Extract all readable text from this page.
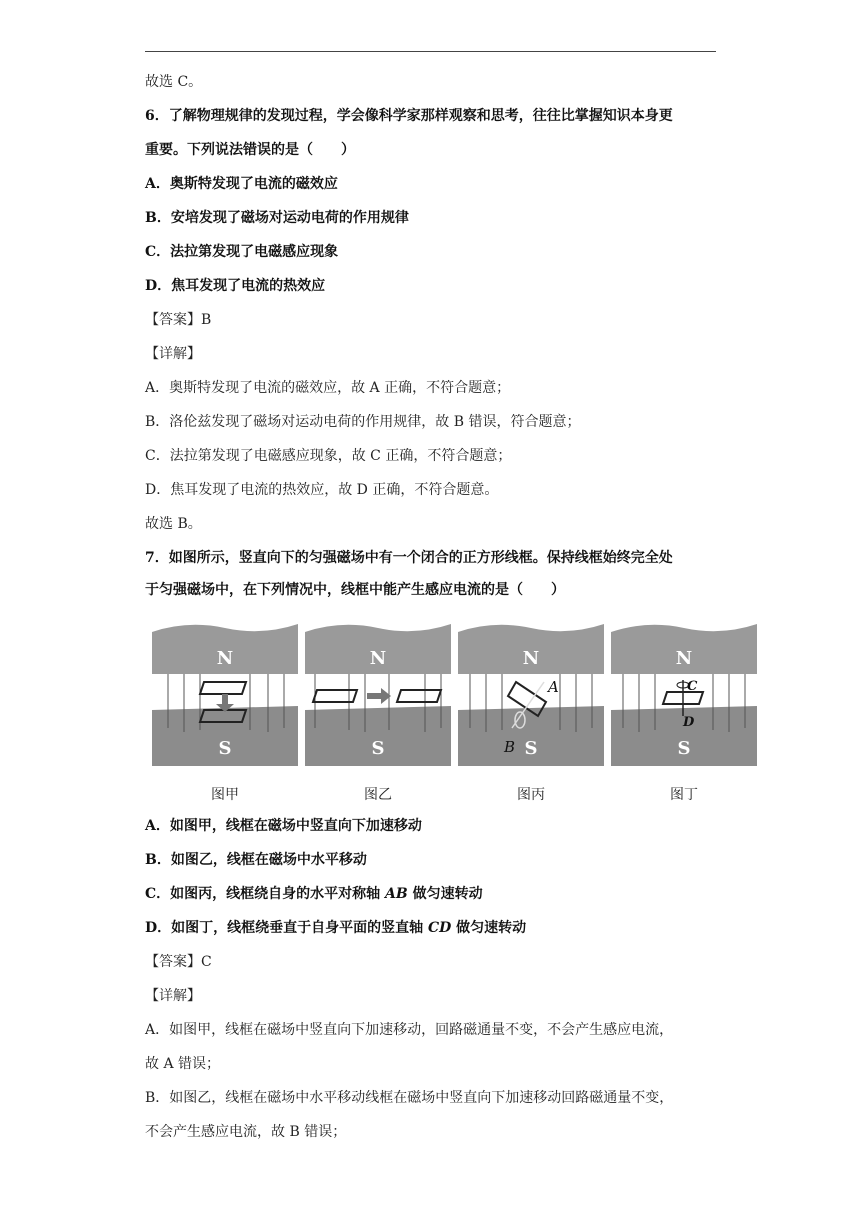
故选 C。
6．了解物理规律的发现过程，学会像科学家那样观察和思考，往往比掌握知识本身更
重要。下列说法错误的是（　　）
A．奥斯特发现了电流的磁效应
B．安培发现了磁场对运动电荷的作用规律
C．法拉第发现了电磁感应现象
D．焦耳发现了电流的热效应
【答案】B
【详解】
A．奥斯特发现了电流的磁效应，故 A 正确，不符合题意；
B．洛伦兹发现了磁场对运动电荷的作用规律，故 B 错误，符合题意；
C．法拉第发现了电磁感应现象，故 C 正确，不符合题意；
D．焦耳发现了电流的热效应，故 D 正确，不符合题意。
故选 B。
7．如图所示，竖直向下的匀强磁场中有一个闭合的正方形线框。保持线框始终完全处
于匀强磁场中，在下列情况中，线框中能产生感应电流的是（　　）
N
S
图甲
N
S
图乙
A
B
N
S
图丙
C
D
N
S
图丁
A．如图甲，线框在磁场中竖直向下加速移动
B．如图乙，线框在磁场中水平移动
C．如图丙，线框绕自身的水平对称轴 AB 做匀速转动
D．如图丁，线框绕垂直于自身平面的竖直轴 CD 做匀速转动
【答案】C
【详解】
A．如图甲，线框在磁场中竖直向下加速移动，回路磁通量不变，不会产生感应电流，
故 A 错误；
B．如图乙，线框在磁场中水平移动线框在磁场中竖直向下加速移动回路磁通量不变，
不会产生感应电流，故 B 错误；
